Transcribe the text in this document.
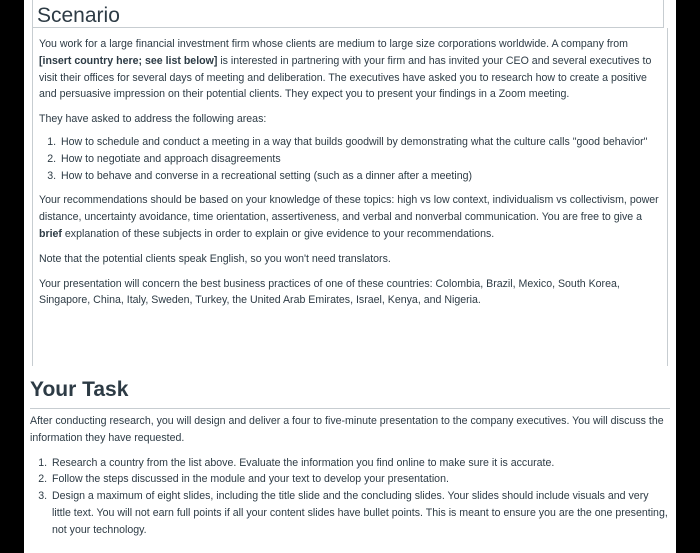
Scenario

You work for a large financial investment firm whose clients are medium to large size corporations worldwide. A company from [insert country here; see list below] is interested in partnering with your firm and has invited your CEO and several executives to visit their offices for several days of meeting and deliberation. The executives have asked you to research how to create a positive and persuasive impression on their potential clients. They expect you to present your findings in a Zoom meeting.

They have asked to address the following areas:

1. How to schedule and conduct a meeting in a way that builds goodwill by demonstrating what the culture calls "good behavior"
2. How to negotiate and approach disagreements
3. How to behave and converse in a recreational setting (such as a dinner after a meeting)

Your recommendations should be based on your knowledge of these topics: high vs low context, individualism vs collectivism, power distance, uncertainty avoidance, time orientation, assertiveness, and verbal and nonverbal communication. You are free to give a brief explanation of these subjects in order to explain or give evidence to your recommendations.

Note that the potential clients speak English, so you won't need translators.

Your presentation will concern the best business practices of one of these countries: Colombia, Brazil, Mexico, South Korea, Singapore, China, Italy, Sweden, Turkey, the United Arab Emirates, Israel, Kenya, and Nigeria.

Your Task

After conducting research, you will design and deliver a four to five-minute presentation to the company executives. You will discuss the information they have requested.

1. Research a country from the list above. Evaluate the information you find online to make sure it is accurate.
2. Follow the steps discussed in the module and your text to develop your presentation.
3. Design a maximum of eight slides, including the title slide and the concluding slides. Your slides should include visuals and very little text. You will not earn full points if all your content slides have bullet points. This is meant to ensure you are the one presenting, not your technology.
